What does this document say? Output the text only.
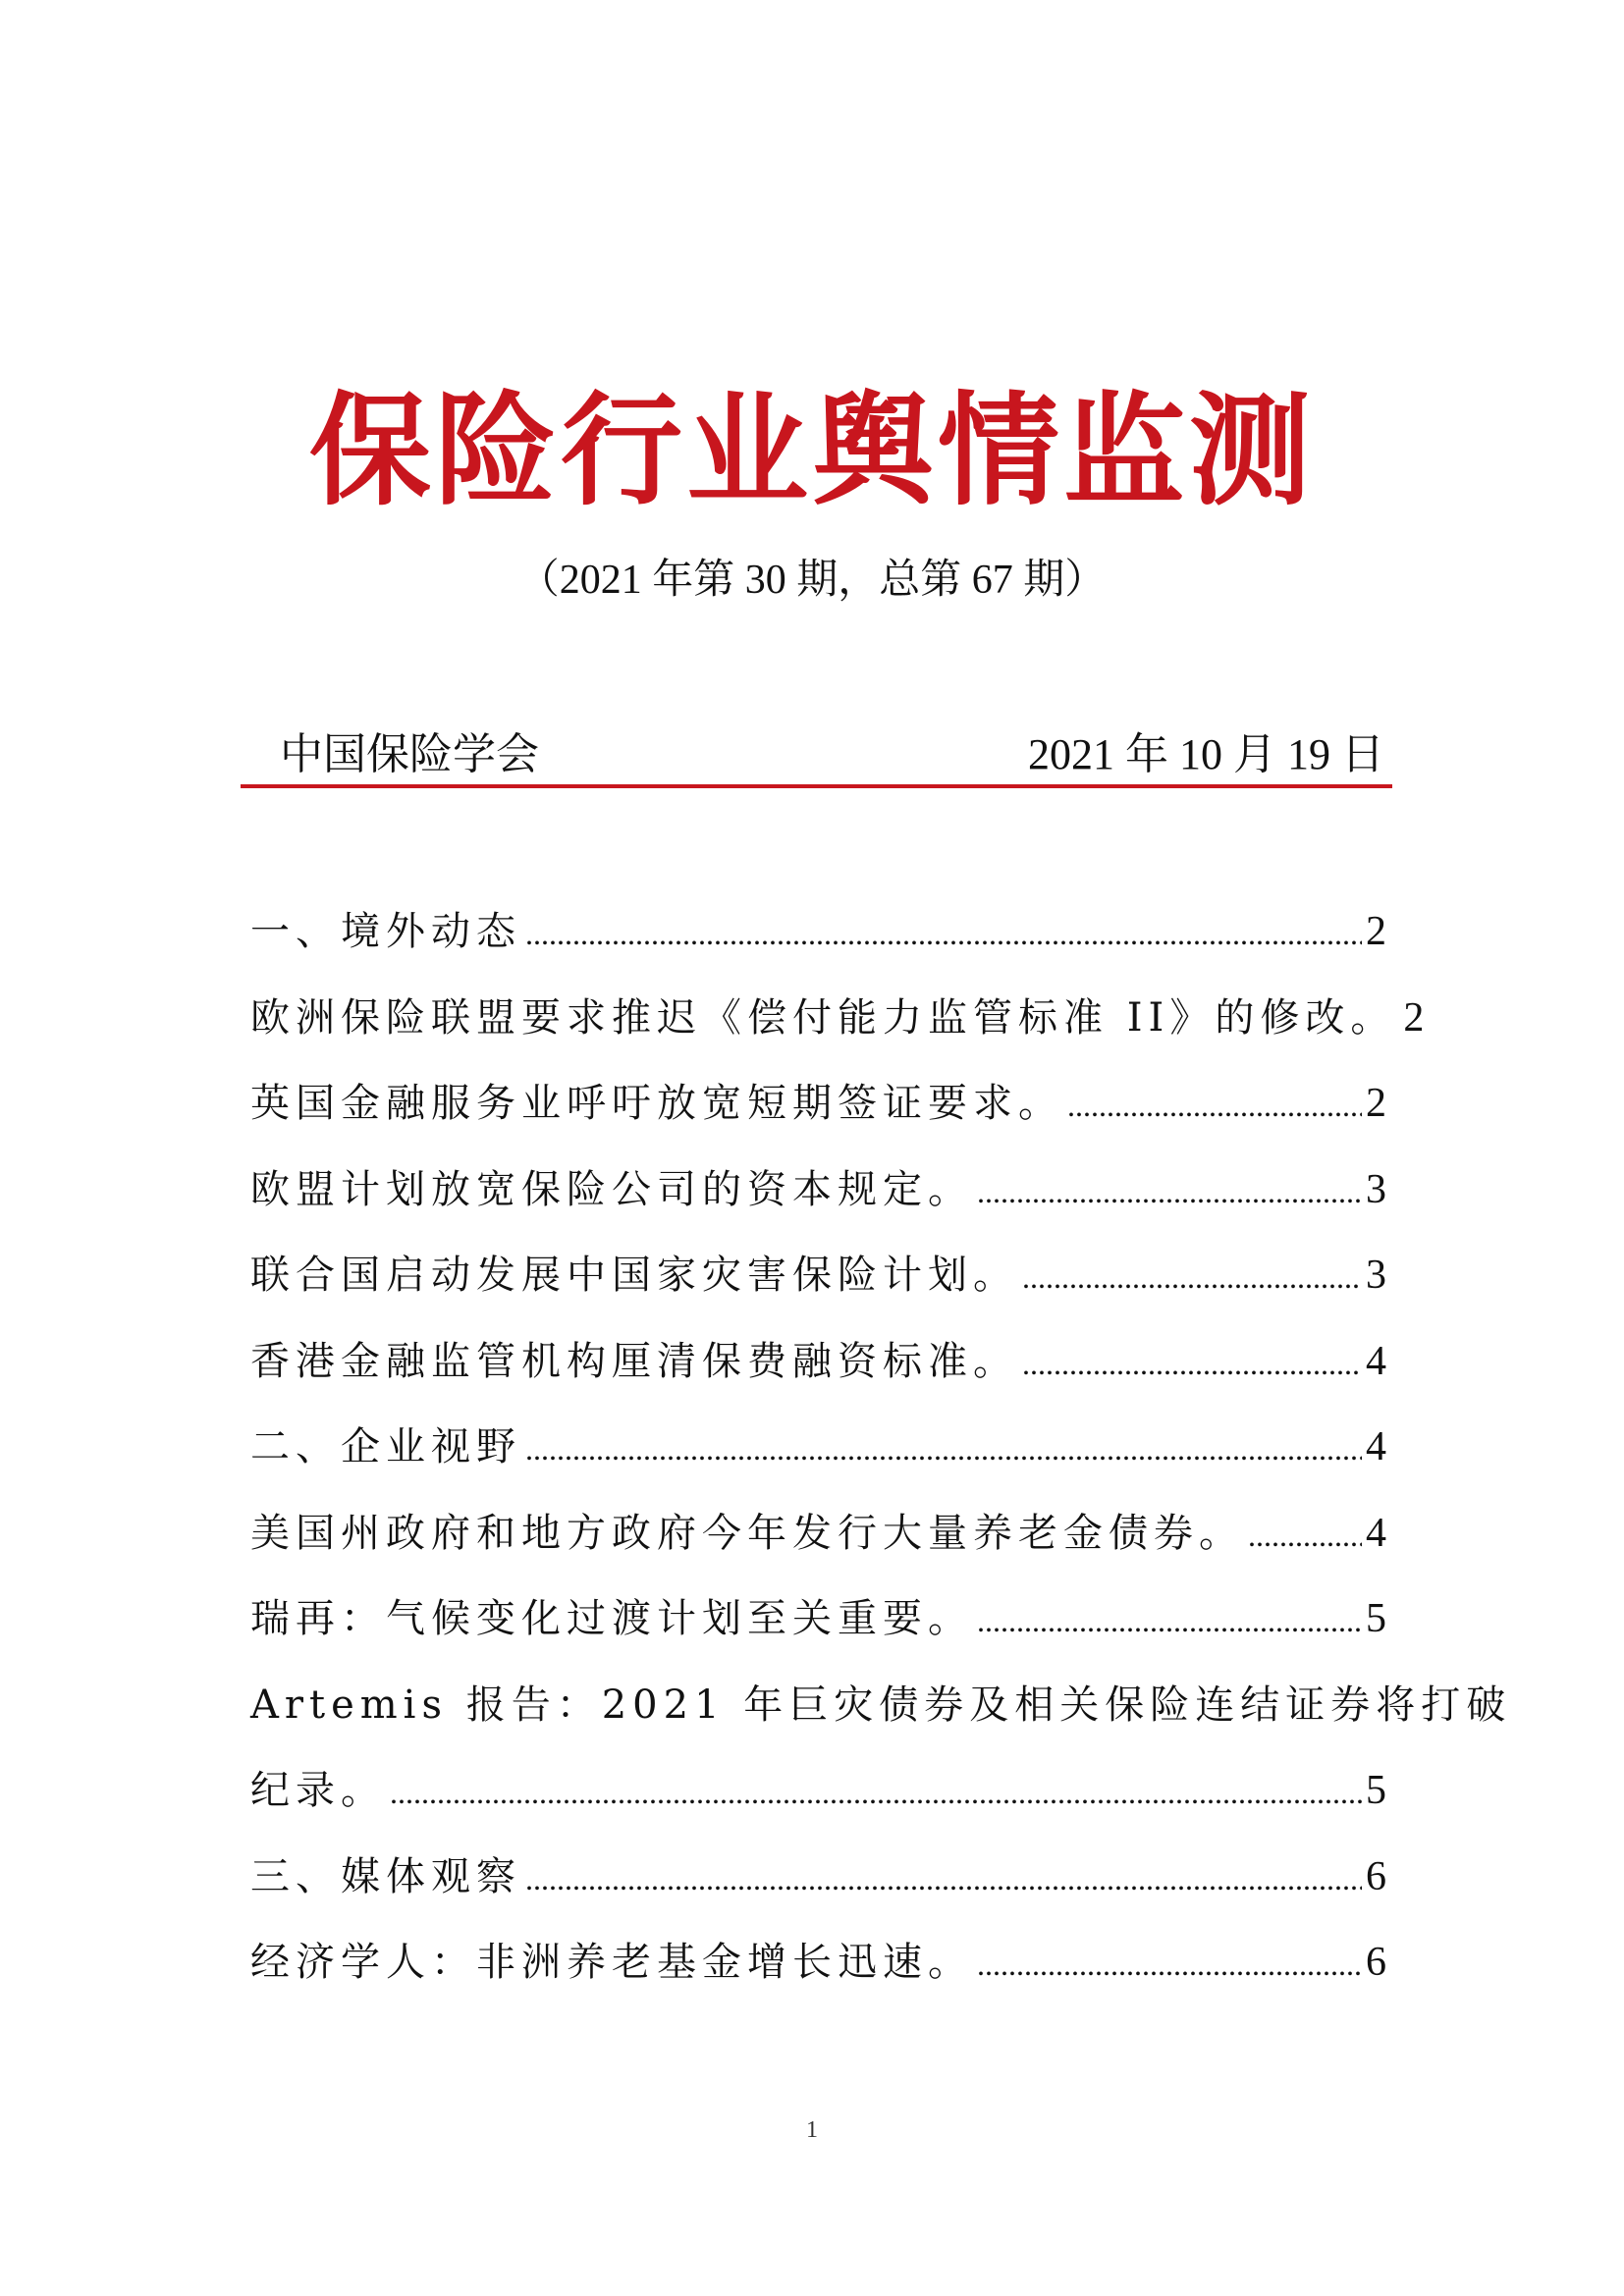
保险行业舆情监测
（2021 年第 30 期，总第 67 期）
中国保险学会	2021 年 10 月 19 日
一、境外动态 .....	2
欧洲保险联盟要求推迟《偿付能力监管标准 II》的修改。 2
英国金融服务业呼吁放宽短期签证要求。 .....	2
欧盟计划放宽保险公司的资本规定。 .....	3
联合国启动发展中国家灾害保险计划。 .....	3
香港金融监管机构厘清保费融资标准。 .....	4
二、企业视野 .....	4
美国州政府和地方政府今年发行大量养老金债券。 .....	4
瑞再：气候变化过渡计划至关重要。 .....	5
Artemis 报告：2021 年巨灾债券及相关保险连结证券将打破
纪录。 .....	5
三、媒体观察 .....	6
经济学人：非洲养老基金增长迅速。 .....	6
1
